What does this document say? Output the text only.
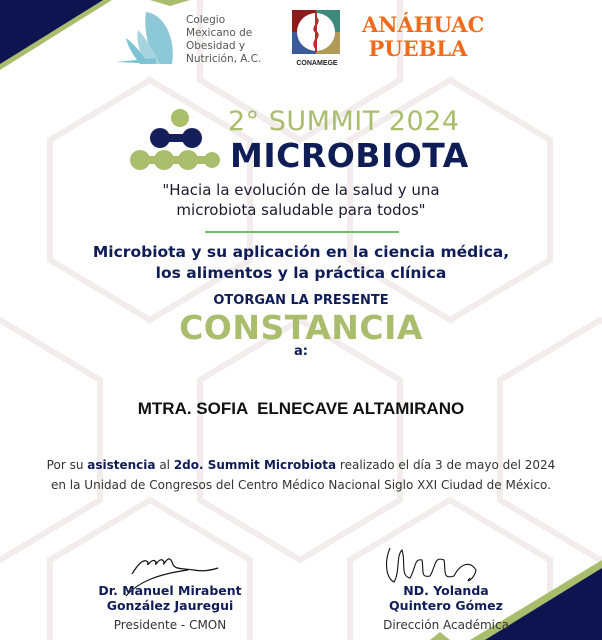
Colegio
Mexicano de
Obesidad y
Nutrición, A.C.	CONAMEGE
ANÁHUAC
PUEBLA
2° SUMMIT 2024
MICROBIOTA
"Hacia la evolución de la salud y una
microbiota saludable para todos"
Microbiota y su aplicación en la ciencia médica,
los alimentos y la práctica clínica
OTORGAN LA PRESENTE
CONSTANCIA
a:
MTRA. SOFIA  ELNECAVE ALTAMIRANO
Por su asistencia al 2do. Summit Microbiota realizado el día 3 de mayo del 2024 en la Unidad de Congresos del Centro Médico Nacional Siglo XXI Ciudad de México.
Dr. Manuel Mirabent
González Jauregui
Presidente - CMON
ND. Yolanda
Quintero Gómez
Dirección Académica
